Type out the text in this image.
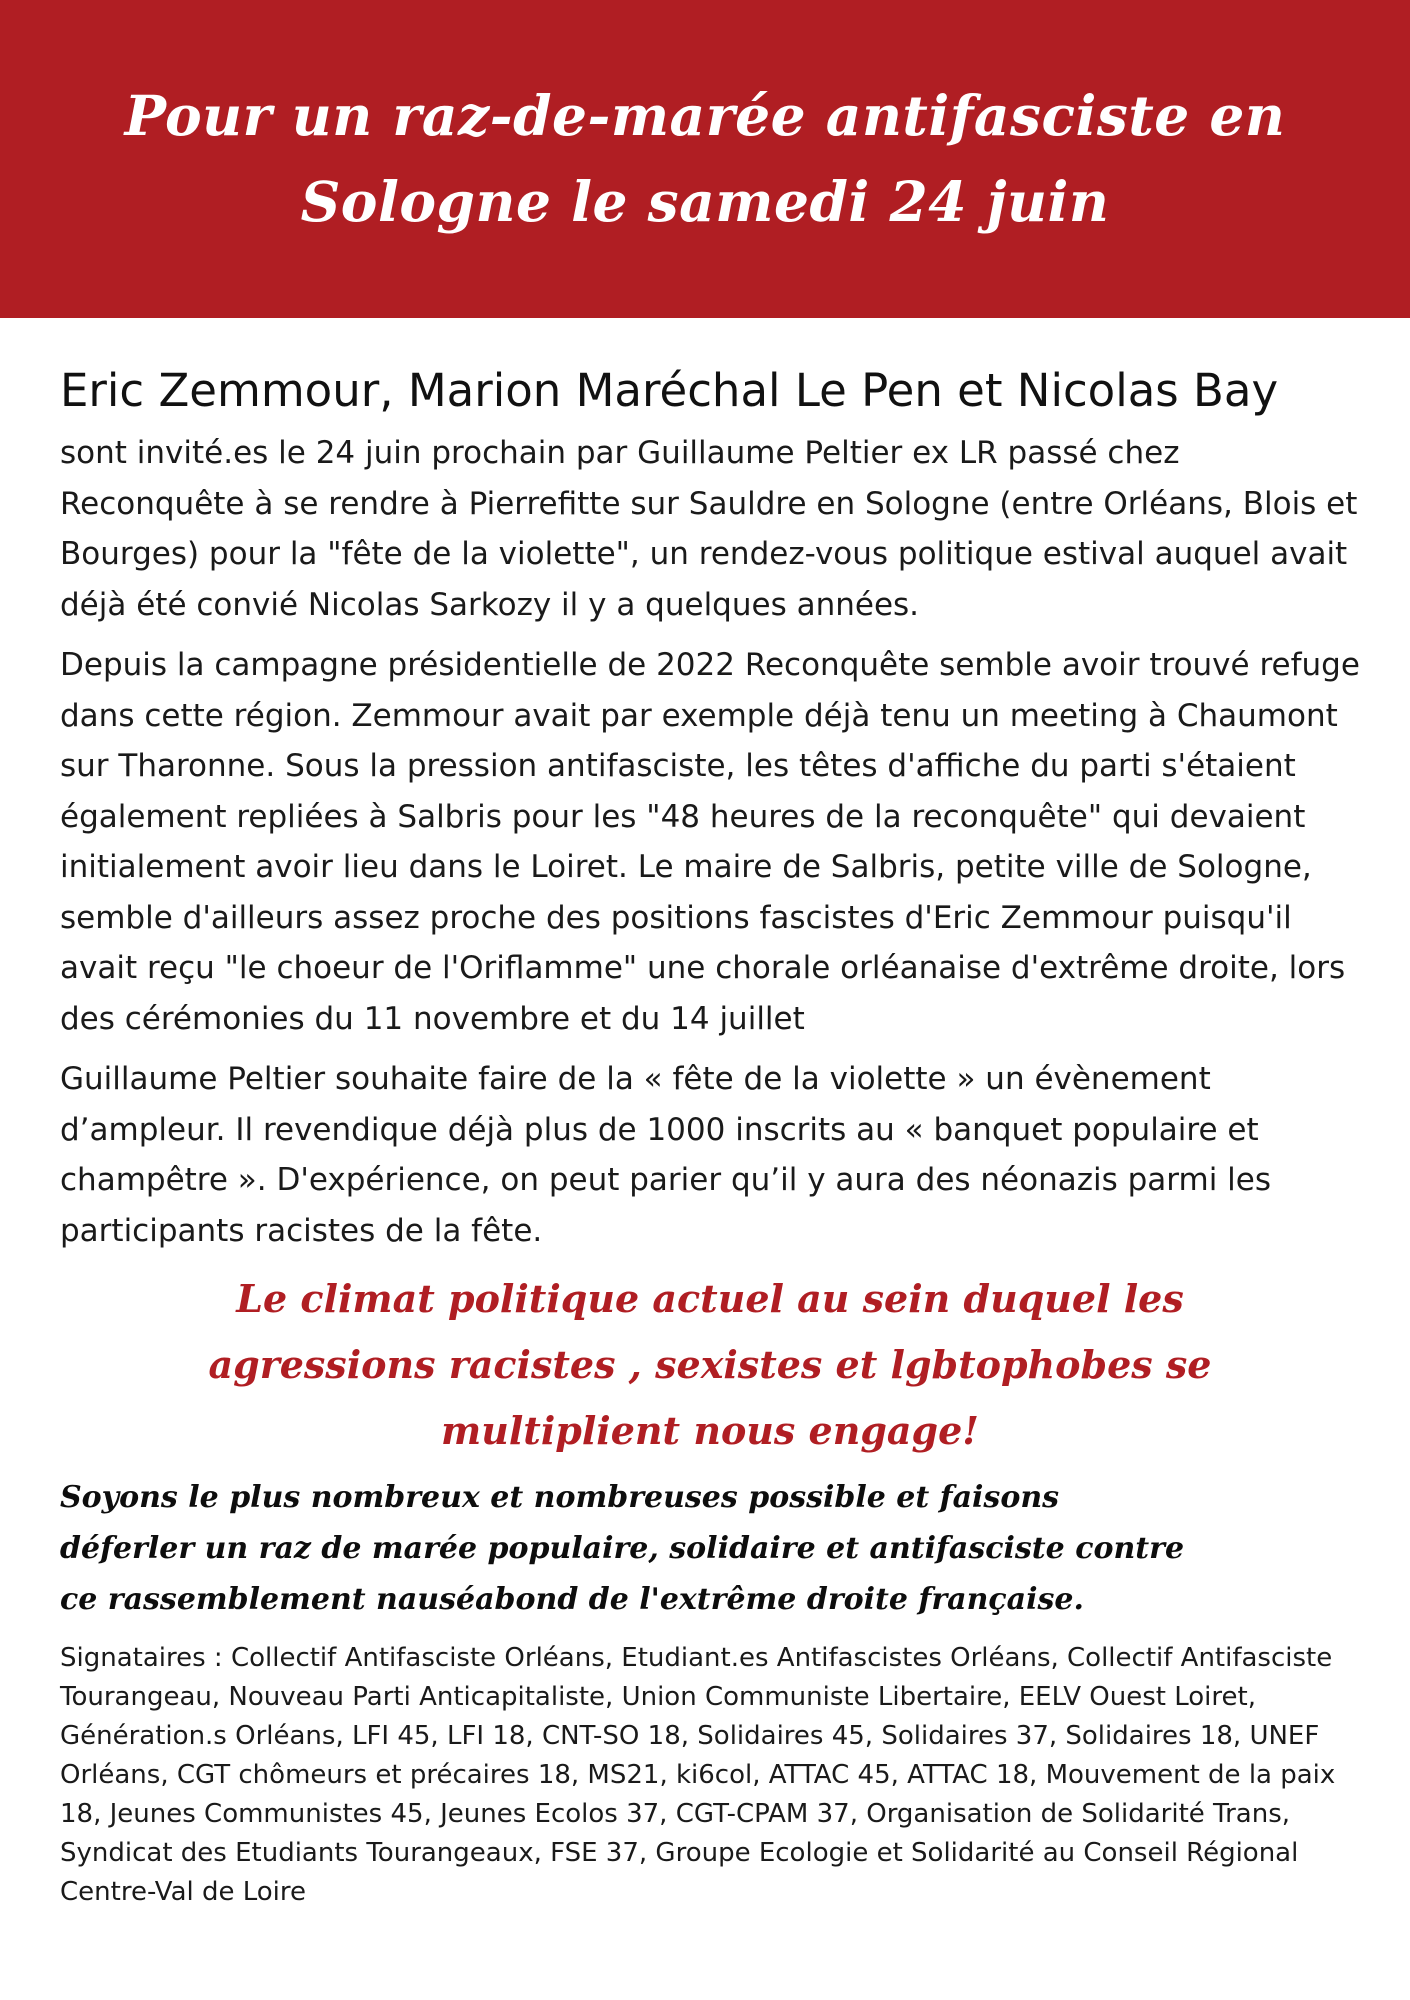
Pour un raz-de-marée antifasciste en
Sologne le samedi 24 juin

Eric Zemmour, Marion Maréchal Le Pen et Nicolas Bay

sont invité.es le 24 juin prochain par Guillaume Peltier ex LR passé chez Reconquête à se rendre à Pierrefitte sur Sauldre en Sologne (entre Orléans, Blois et Bourges) pour la "fête de la violette", un rendez-vous politique estival auquel avait déjà été convié Nicolas Sarkozy il y a quelques années.

Depuis la campagne présidentielle de 2022 Reconquête semble avoir trouvé refuge dans cette région. Zemmour avait par exemple déjà tenu un meeting à Chaumont sur Tharonne. Sous la pression antifasciste, les têtes d'affiche du parti s'étaient également repliées à Salbris pour les "48 heures de la reconquête" qui devaient initialement avoir lieu dans le Loiret. Le maire de Salbris, petite ville de Sologne, semble d'ailleurs assez proche des positions fascistes d'Eric Zemmour puisqu'il avait reçu "le choeur de l'Oriflamme" une chorale orléanaise d'extrême droite, lors des cérémonies du 11 novembre et du 14 juillet

Guillaume Peltier souhaite faire de la « fête de la violette » un évènement d’ampleur. Il revendique déjà plus de 1000 inscrits au « banquet populaire et champêtre ». D'expérience, on peut parier qu’il y aura des néonazis parmi les participants racistes de la fête.

Le climat politique actuel au sein duquel les
agressions racistes , sexistes et lgbtophobes se
multiplient nous engage!

Soyons le plus nombreux et nombreuses possible et faisons
déferler un raz de marée populaire, solidaire et antifasciste contre
ce rassemblement nauséabond de l'extrême droite française.

Signataires : Collectif Antifasciste Orléans, Etudiant.es Antifascistes Orléans, Collectif Antifasciste Tourangeau, Nouveau Parti Anticapitaliste, Union Communiste Libertaire, EELV Ouest Loiret, Génération.s Orléans, LFI 45, LFI 18, CNT-SO 18, Solidaires 45, Solidaires 37, Solidaires 18, UNEF Orléans, CGT chômeurs et précaires 18, MS21, ki6col, ATTAC 45, ATTAC 18, Mouvement de la paix 18, Jeunes Communistes 45, Jeunes Ecolos 37, CGT-CPAM 37, Organisation de Solidarité Trans, Syndicat des Etudiants Tourangeaux, FSE 37, Groupe Ecologie et Solidarité au Conseil Régional Centre-Val de Loire
